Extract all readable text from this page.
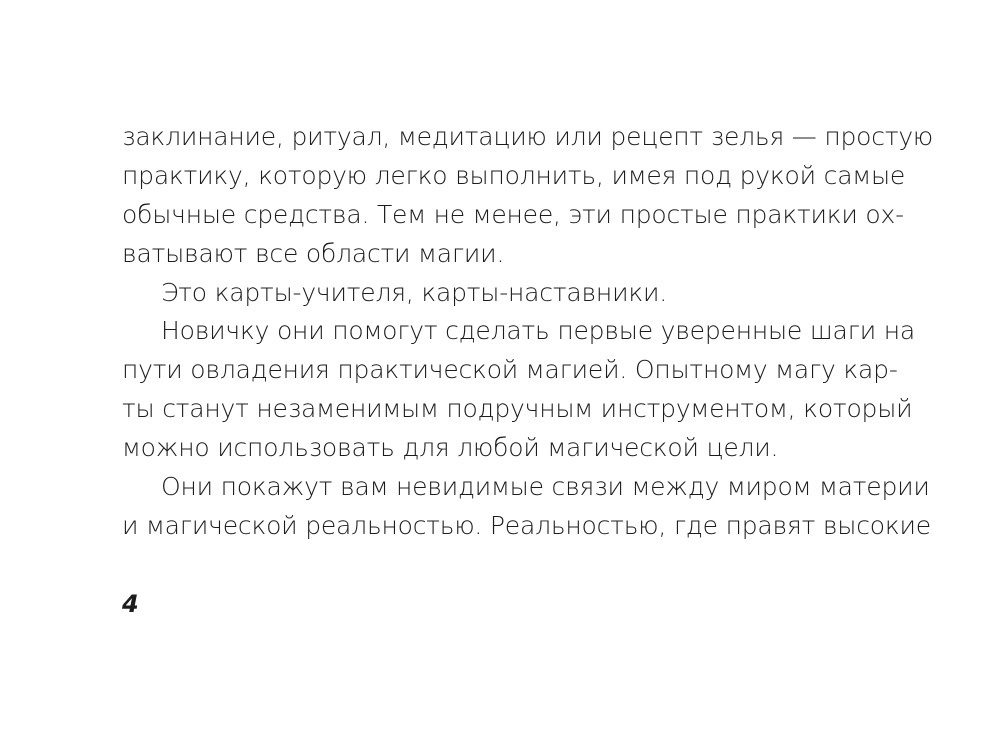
заклинание, ритуал, медитацию или рецепт зелья — простую
практику, которую легко выполнить, имея под рукой самые
обычные средства. Тем не менее, эти простые практики ох-
ватывают все области магии.
Это карты-учителя, карты-наставники.
Новичку они помогут сделать первые уверенные шаги на
пути овладения практической магией. Опытному магу кар-
ты станут незаменимым подручным инструментом, который
можно использовать для любой магической цели.
Они покажут вам невидимые связи между миром материи
и магической реальностью. Реальностью, где правят высокие
4
